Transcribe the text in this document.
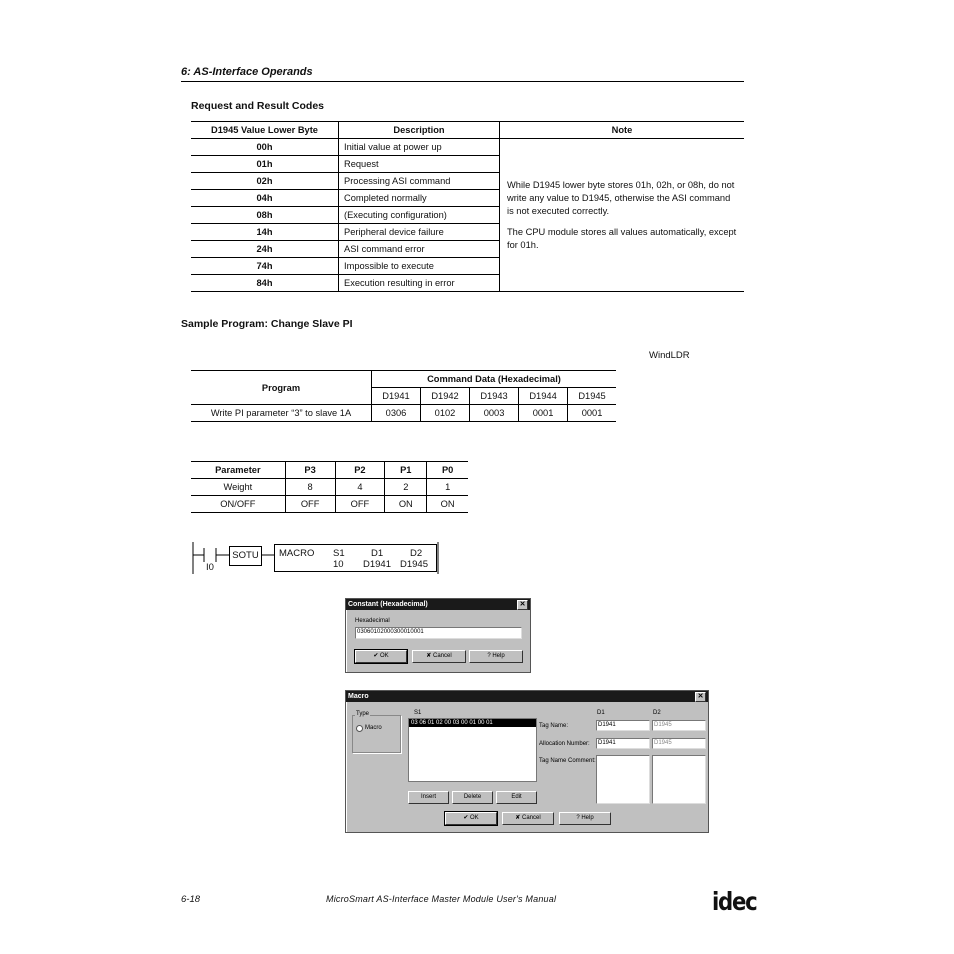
6: AS-Interface Operands
Request and Result Codes
D1945 Value Lower Byte	Description	Note
00h	Initial value at power up	While D1945 lower byte stores 01h, 02h, or 08h, do not write any value to D1945, otherwise the ASI command is not executed correctly.

The CPU module stores all values automatically, except for 01h.

01h	Request	
02h	Processing ASI command	
04h	Completed normally	
08h	(Executing configuration)	
14h	Peripheral device failure	
24h	ASI command error	
74h	Impossible to execute	
84h	Execution resulting in error	
Sample Program: Change Slave PI
WindLDR
Program	Command Data (Hexadecimal)				
	D1941	D1942	D1943	D1944	D1945
Write PI parameter “3” to slave 1A	0306	0102	0003	0001	0001
Parameter	P3	P2	P1	P0
Weight	8	4	2	1
ON/OFF	OFF	OFF	ON	ON
I0
SOTU	MACRO S1
10
D1
D1941
D2
D1945
Constant (Hexadecimal)	✕
Hexadecimal
03060102000300010001
✔ OK	✘ Cancel	? Help
Macro	✕
Type
Macro
S1
03 06 01 02 00 03 00 01 00 01
D1	D2
Tag Name:	D1941	D1945
Allocation Number:	D1941	D1945
Tag Name Comment:
Insert	Delete	Edit
✔ OK	✘ Cancel	? Help
6-18	MicroSmart AS-Interface Master Module User's Manual	idec
